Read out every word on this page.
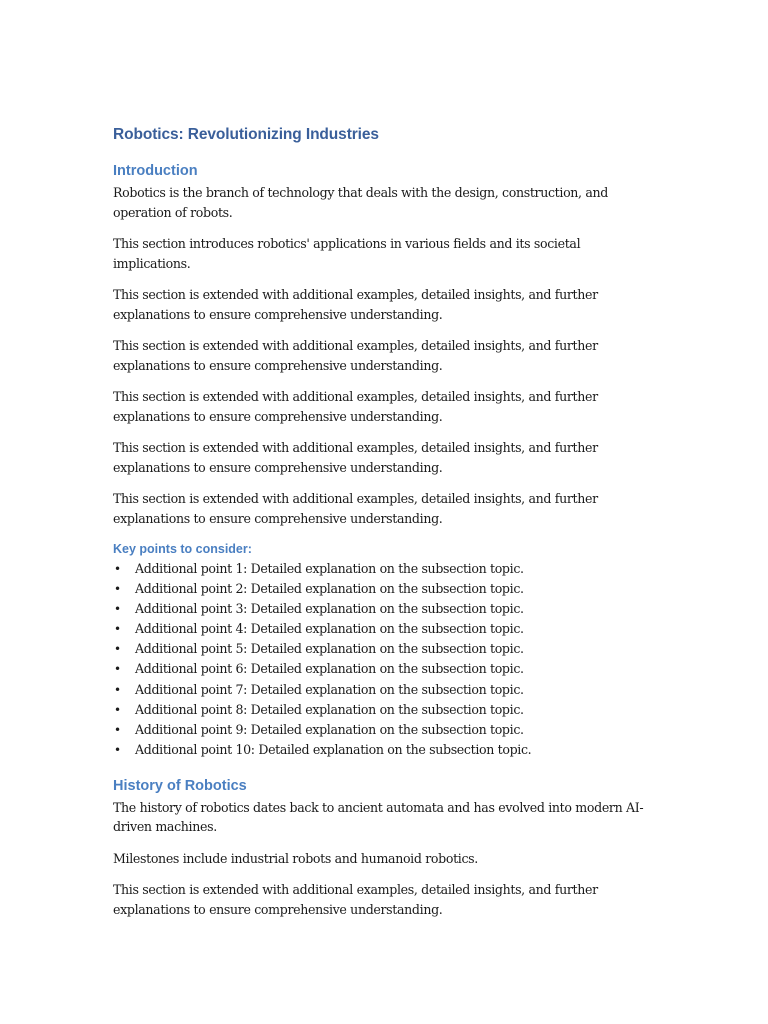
Robotics: Revolutionizing Industries
Introduction

Robotics is the branch of technology that deals with the design, construction, and operation of robots.

This section introduces robotics' applications in various fields and its societal implications.

This section is extended with additional examples, detailed insights, and further explanations to ensure comprehensive understanding.

This section is extended with additional examples, detailed insights, and further explanations to ensure comprehensive understanding.

This section is extended with additional examples, detailed insights, and further explanations to ensure comprehensive understanding.

This section is extended with additional examples, detailed insights, and further explanations to ensure comprehensive understanding.

This section is extended with additional examples, detailed insights, and further explanations to ensure comprehensive understanding.

Key points to consider:
• Additional point 1: Detailed explanation on the subsection topic.
• Additional point 2: Detailed explanation on the subsection topic.
• Additional point 3: Detailed explanation on the subsection topic.
• Additional point 4: Detailed explanation on the subsection topic.
• Additional point 5: Detailed explanation on the subsection topic.
• Additional point 6: Detailed explanation on the subsection topic.
• Additional point 7: Detailed explanation on the subsection topic.
• Additional point 8: Detailed explanation on the subsection topic.
• Additional point 9: Detailed explanation on the subsection topic.
• Additional point 10: Detailed explanation on the subsection topic.
History of Robotics

The history of robotics dates back to ancient automata and has evolved into modern AI-driven machines.

Milestones include industrial robots and humanoid robotics.

This section is extended with additional examples, detailed insights, and further explanations to ensure comprehensive understanding.
